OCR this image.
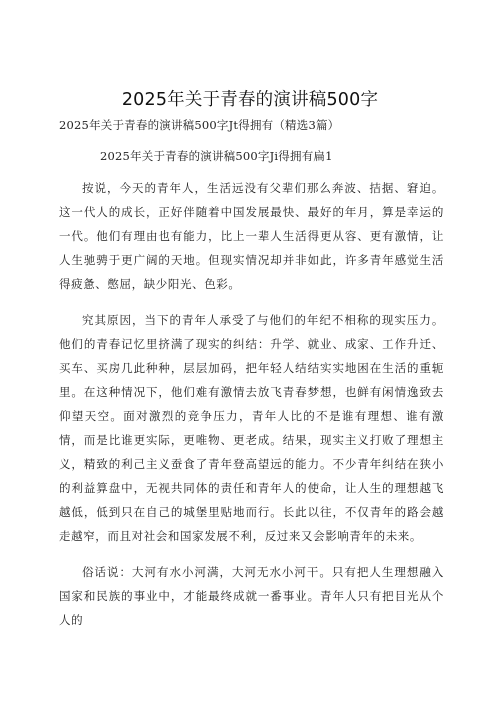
2025年关于青春的演讲稿500字
2025年关于青春的演讲稿500字Jt得拥有（精选3篇）
2025年关于青春的演讲稿500字Ji得拥有扁1

按说，今天的青年人，生活远没有父辈们那么奔波、拮据、窘迫。这一代人的成长，正好伴随着中国发展最快、最好的年月，算是幸运的一代。他们有理由也有能力，比上一辈人生活得更从容、更有激情，让人生驰骋于更广阔的天地。但现实情况却并非如此，许多青年感觉生活得疲惫、憋屈，缺少阳光、色彩。

究其原因，当下的青年人承受了与他们的年纪不相称的现实压力。他们的青春记忆里挤满了现实的纠结：升学、就业、成家、工作升迁、买车、买房几此种种，层层加码，把年轻人结结实实地困在生活的重轭里。在这种情况下，他们难有激情去放飞青春梦想，也鲜有闲情逸致去仰望天空。面对激烈的竞争压力，青年人比的不是谁有理想、谁有激情，而是比谁更实际，更唯物、更老成。结果，现实主义打败了理想主义，精致的利己主义蚕食了青年登高望远的能力。不少青年纠结在狭小的利益算盘中，无视共同体的责任和青年人的使命，让人生的理想越飞越低，低到只在自己的城堡里贴地而行。长此以往，不仅青年的路会越走越窄，而且对社会和国家发展不利，反过来又会影响青年的未来。

俗话说：大河有水小河满，大河无水小河干。只有把人生理想融入国家和民族的事业中，才能最终成就一番事业。青年人只有把目光从个人的
